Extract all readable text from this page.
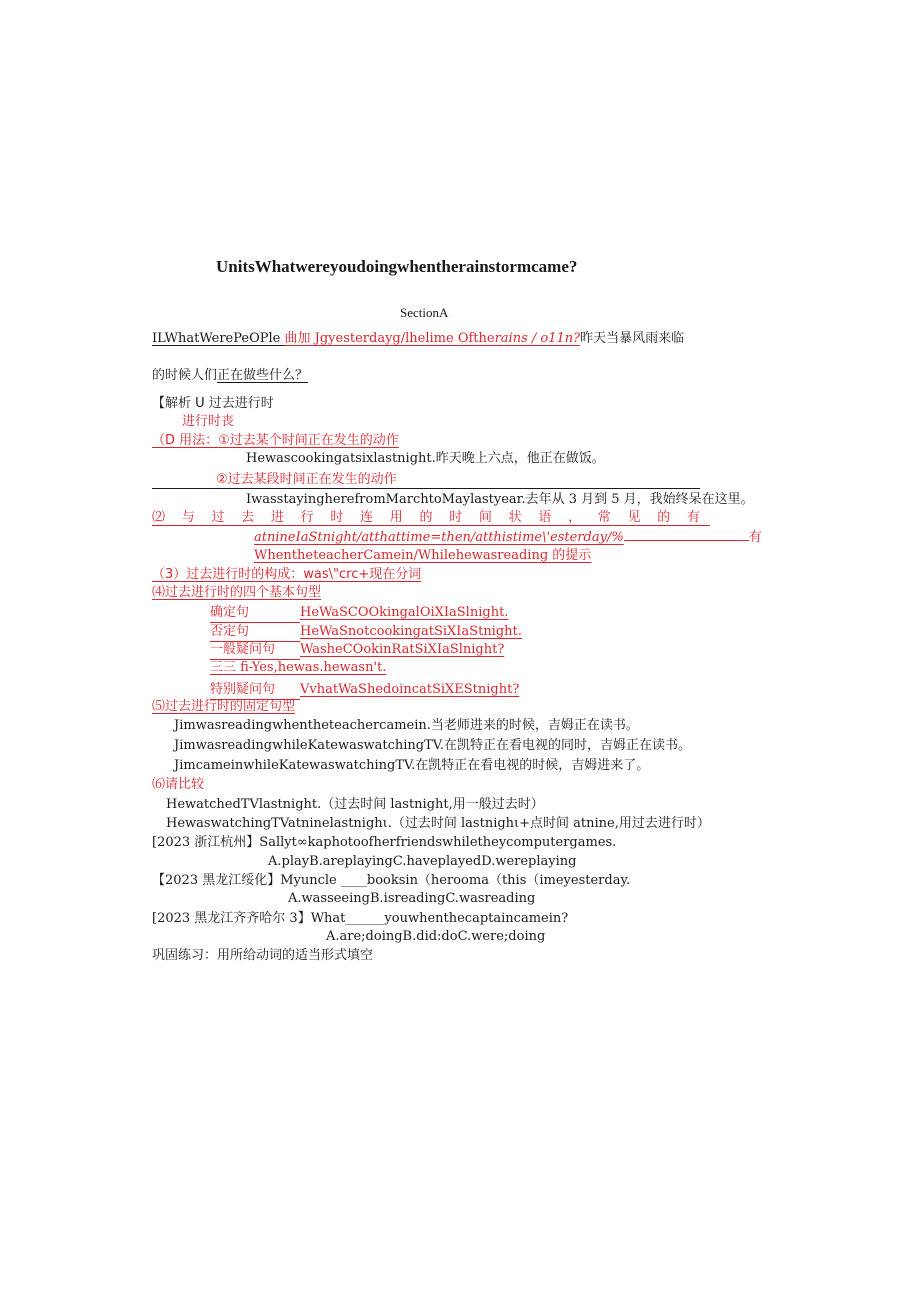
UnitsWhatwereyoudoingwhentherainstormcame?
SectionA
ILWhatWerePeOPle 曲加 Jgyesterdayg/lhelime Oftherains / o11n?昨天当暴风雨来临
的时候人们正在做些什么？
【解析 U 过去进行时
进行时丧
（D 用法：①过去某个时间正在发生的动作
Hewascookingatsixlastnight.昨天晚上六点，他正在做饭。
②过去某段时间正在发生的动作
IwasstayingherefromMarchtoMaylastyear.去年从 3 月到 5 月，我始终呆在这里。
⑵ 与 过 去 进 行 时 连 用 的 时 间 状 语 ， 常 见 的 有
atnineIaStnight/atthattime=then/atthistime\'esterday/%	有
WhentheteacherCamein/Whilehewasreading 的提示
（3）过去进行时的构成：was\"crc+现在分词
⑷过去进行时的四个基本句型
确定句	HeWaSCOOkingalOiXIaSlnight.
否定句	HeWaSnotcookingatSiXIaStnight.
一般疑问句 WasheCOokinRatSiXIaSlnight?
三三 fi-Yes,hewas.hewasn't.
特别疑问句 VvhatWaShedoincatSiXEStnight?
⑸过去进行时的固定句型
Jimwasreadingwhentheteachercamein.当老师进来的时候，吉姆正在读书。
JimwasreadingwhileKatewaswatchingTV.在凯特正在看电视的同时，吉姆正在读书。
JimcameinwhileKatewaswatchingTV.在凯特正在看电视的时候，吉姆进来了。
⑹请比较
HewatchedTVlastnight.（过去时间 lastnight,用一般过去时）
HewaswatchingTVatninelastnighι.（过去时间 lastnighι+点时间 atnine,用过去进行时）
[2023 浙江杭州】Sallyt∞kaphotoofherfriendswhiletheycomputergames.
A.playB.areplayingC.haveplayedD.wereplaying
【2023 黑龙江绥化】Myuncle ____booksin（herooma（this（imeyesterday.
A.wasseeingB.isreadingC.wasreading
[2023 黑龙江齐齐哈尔 3】What______youwhenthecaptaincamein?
A.are;doingB.did:doC.were;doing
巩固练习：用所给动词的适当形式填空
